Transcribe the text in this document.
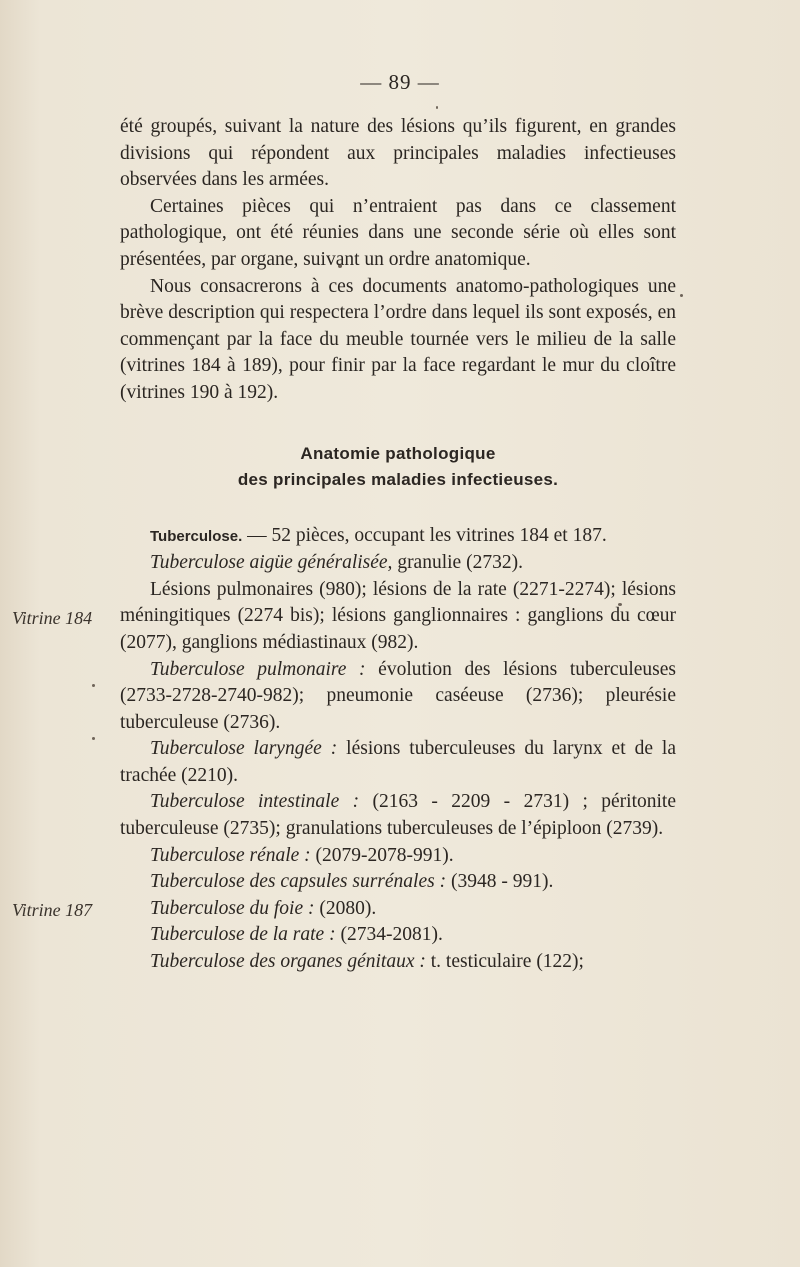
— 89 —
Vitrine 184
Vitrine 187

été groupés, suivant la nature des lésions qu’ils figurent, en grandes divisions qui répondent aux principales maladies infectieuses observées dans les armées.

Certaines pièces qui n’entraient pas dans ce classement pathologique, ont été réunies dans une seconde série où elles sont présentées, par organe, suivant un ordre anatomique.

Nous consacrerons à ces documents anatomo-pathologiques une brève description qui respectera l’ordre dans lequel ils sont exposés, en commençant par la face du meuble tournée vers le milieu de la salle (vitrines 184 à 189), pour finir par la face regardant le mur du cloître (vitrines 190 à 192).

Anatomie pathologique
des principales maladies infectieuses.

Tuberculose. — 52 pièces, occupant les vitrines 184 et 187.

Tuberculose aigüe généralisée, granulie (2732).

Lésions pulmonaires (980); lésions de la rate (2271-2274); lésions méningitiques (2274 bis); lésions ganglionnaires : ganglions du cœur (2077), ganglions médiastinaux (982).

Tuberculose pulmonaire : évolution des lésions tuberculeuses (2733-2728-2740-982); pneumonie caséeuse (2736); pleurésie tuberculeuse (2736).

Tuberculose laryngée : lésions tuberculeuses du larynx et de la trachée (2210).

Tuberculose intestinale : (2163 - 2209 - 2731) ; péritonite tuberculeuse (2735); granulations tuberculeuses de l’épiploon (2739).

Tuberculose rénale : (2079-2078-991).

Tuberculose des capsules surrénales : (3948 - 991).

Tuberculose du foie : (2080).

Tuberculose de la rate : (2734-2081).

Tuberculose des organes génitaux : t. testiculaire (122);
